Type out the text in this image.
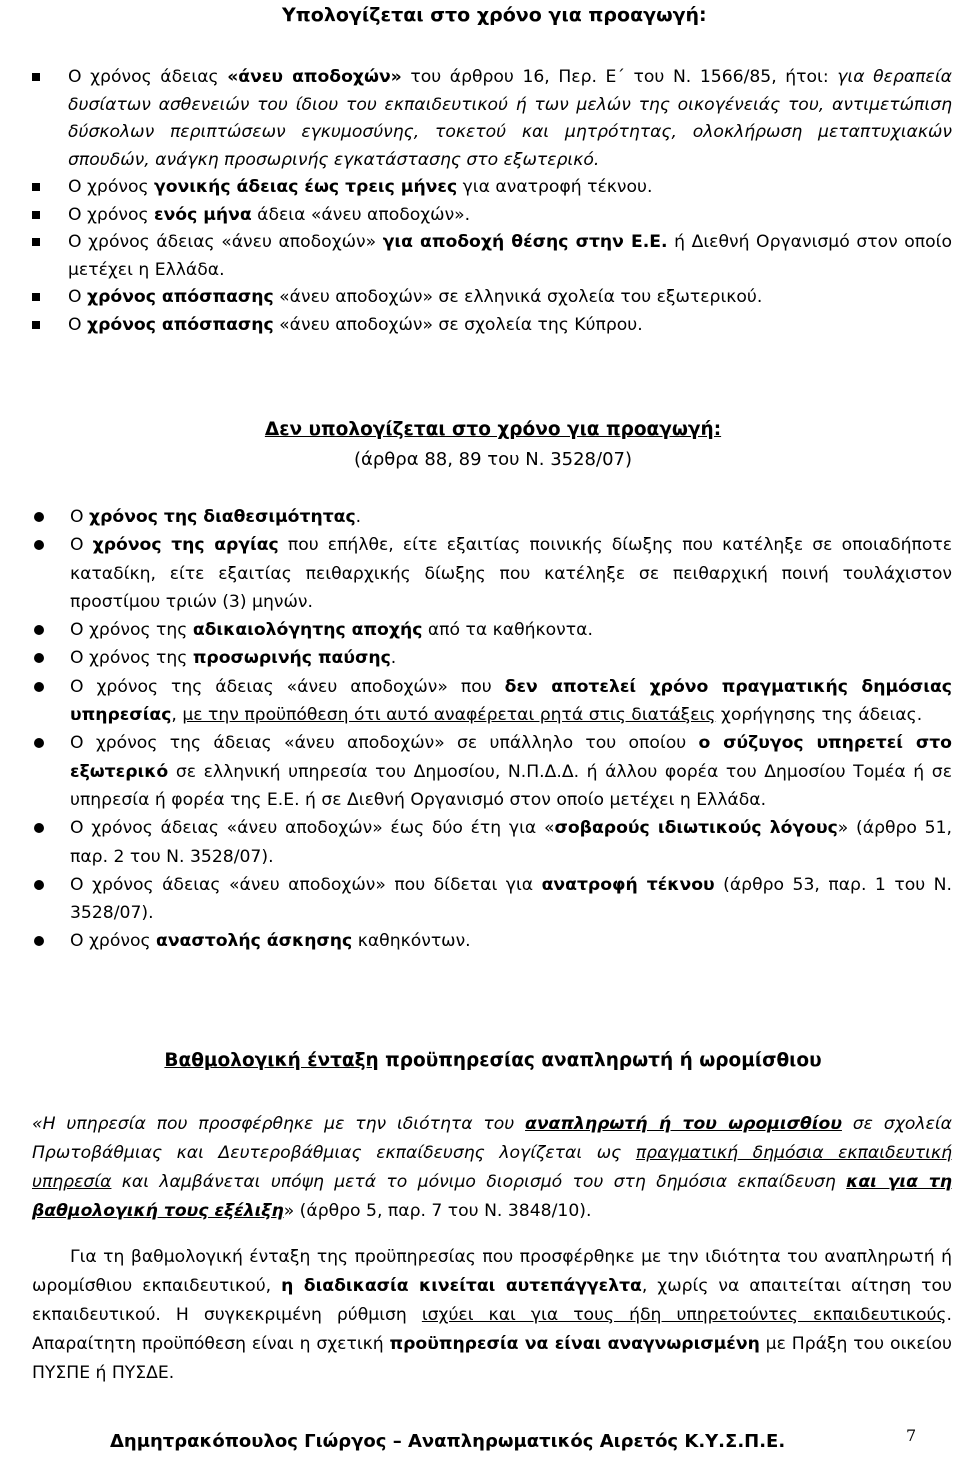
Υπολογίζεται στο χρόνο για προαγωγή:

Ο χρόνος άδειας «άνευ αποδοχών» του άρθρου 16, Περ. Ε΄ του Ν. 1566/85, ήτοι: για θεραπεία δυσίατων ασθενειών του ίδιου του εκπαιδευτικού ή των μελών της οικογένειάς του, αντιμετώπιση δύσκολων περιπτώσεων εγκυμοσύνης, τοκετού και μητρότητας, ολοκλήρωση μεταπτυχιακών σπουδών, ανάγκη προσωρινής εγκατάστασης στο εξωτερικό.
Ο χρόνος γονικής άδειας έως τρεις μήνες για ανατροφή τέκνου.
Ο χρόνος ενός μήνα άδεια «άνευ αποδοχών».
Ο χρόνος άδειας «άνευ αποδοχών» για αποδοχή θέσης στην Ε.Ε. ή Διεθνή Οργανισμό στον οποίο μετέχει η Ελλάδα.
Ο χρόνος απόσπασης «άνευ αποδοχών» σε ελληνικά σχολεία του εξωτερικού.
Ο χρόνος απόσπασης «άνευ αποδοχών» σε σχολεία της Κύπρου.

Δεν υπολογίζεται στο χρόνο για προαγωγή:

(άρθρα 88, 89 του Ν. 3528/07)

Ο χρόνος της διαθεσιμότητας.
Ο χρόνος της αργίας που επήλθε, είτε εξαιτίας ποινικής δίωξης που κατέληξε σε οποιαδήποτε καταδίκη, είτε εξαιτίας πειθαρχικής δίωξης που κατέληξε σε πειθαρχική ποινή τουλάχιστον προστίμου τριών (3) μηνών.
Ο χρόνος της αδικαιολόγητης αποχής από τα καθήκοντα.
Ο χρόνος της προσωρινής παύσης.
Ο χρόνος της άδειας «άνευ αποδοχών» που δεν αποτελεί χρόνο πραγματικής δημόσιας υπηρεσίας, με την προϋπόθεση ότι αυτό αναφέρεται ρητά στις διατάξεις χορήγησης της άδειας.
Ο χρόνος της άδειας «άνευ αποδοχών» σε υπάλληλο του οποίου ο σύζυγος υπηρετεί στο εξωτερικό σε ελληνική υπηρεσία του Δημοσίου, Ν.Π.Δ.Δ. ή άλλου φορέα του Δημοσίου Τομέα ή σε υπηρεσία ή φορέα της Ε.Ε. ή σε Διεθνή Οργανισμό στον οποίο μετέχει η Ελλάδα.
Ο χρόνος άδειας «άνευ αποδοχών» έως δύο έτη για «σοβαρούς ιδιωτικούς λόγους» (άρθρο 51, παρ. 2 του Ν. 3528/07).
Ο χρόνος άδειας «άνευ αποδοχών» που δίδεται για ανατροφή τέκνου (άρθρο 53, παρ. 1 του Ν. 3528/07).
Ο χρόνος αναστολής άσκησης καθηκόντων.

Βαθμολογική ένταξη προϋπηρεσίας αναπληρωτή ή ωρομίσθιου

«Η υπηρεσία που προσφέρθηκε με την ιδιότητα του αναπληρωτή ή του ωρομισθίου σε σχολεία Πρωτοβάθμιας και Δευτεροβάθμιας εκπαίδευσης λογίζεται ως πραγματική δημόσια εκπαιδευτική υπηρεσία και λαμβάνεται υπόψη μετά το μόνιμο διορισμό του στη δημόσια εκπαίδευση και για τη βαθμολογική τους εξέλιξη» (άρθρο 5, παρ. 7 του Ν. 3848/10).

Για τη βαθμολογική ένταξη της προϋπηρεσίας που προσφέρθηκε με την ιδιότητα του αναπληρωτή ή ωρομίσθιου εκπαιδευτικού, η διαδικασία κινείται αυτεπάγγελτα, χωρίς να απαιτείται αίτηση του εκπαιδευτικού. Η συγκεκριμένη ρύθμιση ισχύει και για τους ήδη υπηρετούντες εκπαιδευτικούς. Απαραίτητη προϋπόθεση είναι η σχετική προϋπηρεσία να είναι αναγνωρισμένη με Πράξη του οικείου ΠΥΣΠΕ ή ΠΥΣΔΕ.

Δημητρακόπουλος Γιώργος – Αναπληρωματικός Αιρετός Κ.Υ.Σ.Π.Ε.	7
